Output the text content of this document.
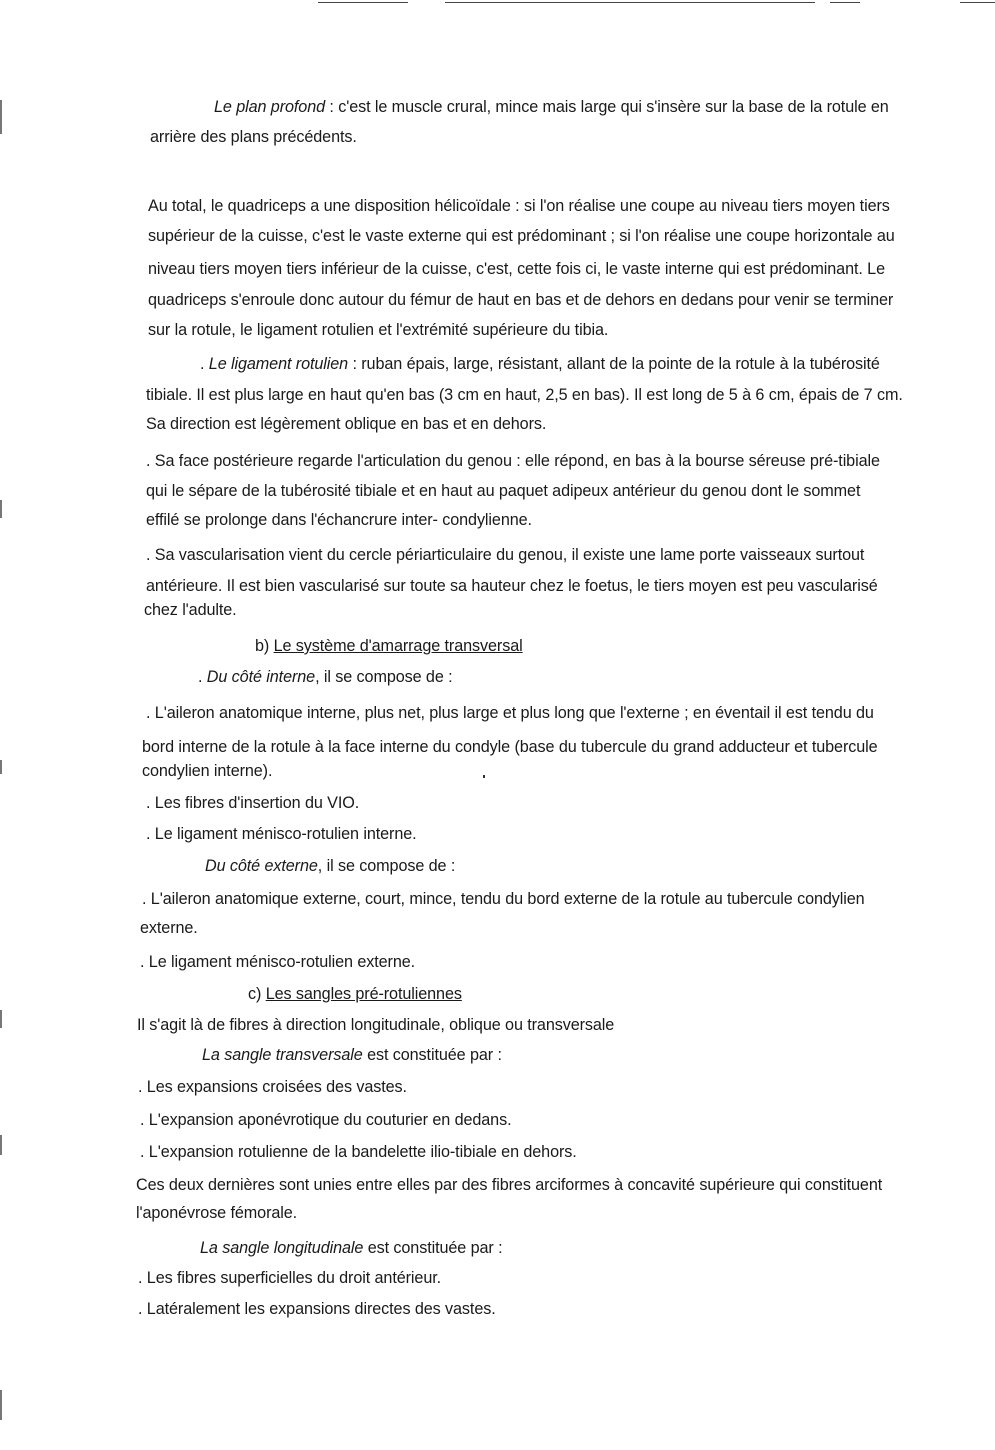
Le plan profond : c'est le muscle crural, mince mais large qui s'insère sur la base de la rotule en

arrière des plans précédents.

Au total, le quadriceps a une disposition hélicoïdale : si l'on réalise une coupe au niveau tiers moyen tiers

supérieur de la cuisse, c'est le vaste externe qui est prédominant ; si l'on réalise une coupe horizontale au

niveau tiers moyen tiers inférieur de la cuisse, c'est, cette fois ci, le vaste interne qui est prédominant. Le

quadriceps s'enroule donc autour du fémur de haut en bas et de dehors en dedans pour venir se terminer

sur la rotule, le ligament rotulien et l'extrémité supérieure du tibia.

. Le ligament rotulien : ruban épais, large, résistant, allant de la pointe de la rotule à la tubérosité

tibiale. Il est plus large en haut qu'en bas (3 cm en haut, 2,5 en bas). Il est long de 5 à 6 cm, épais de 7 cm.

Sa direction est légèrement oblique en bas et en dehors.

. Sa face postérieure regarde l'articulation du genou : elle répond, en bas à la bourse séreuse pré-tibiale

qui le sépare de la tubérosité tibiale et en haut au paquet adipeux antérieur du genou dont le sommet

effilé se prolonge dans l'échancrure inter- condylienne.

. Sa vascularisation vient du cercle périarticulaire du genou, il existe une lame porte vaisseaux surtout

antérieure. Il est bien vascularisé sur toute sa hauteur chez le foetus, le tiers moyen est peu vascularisé

chez l'adulte.

b) Le système d'amarrage transversal

. Du côté interne, il se compose de :

. L'aileron anatomique interne, plus net, plus large et plus long que l'externe ; en éventail il est tendu du

bord interne de la rotule à la face interne du condyle (base du tubercule du grand adducteur et tubercule

condylien interne).

. Les fibres d'insertion du VIO.

. Le ligament ménisco-rotulien interne.

Du côté externe, il se compose de :

. L'aileron anatomique externe, court, mince, tendu du bord externe de la rotule au tubercule condylien

externe.

. Le ligament ménisco-rotulien externe.

c) Les sangles pré-rotuliennes

Il s'agit là de fibres à direction longitudinale, oblique ou transversale

La sangle transversale est constituée par :

. Les expansions croisées des vastes.

. L'expansion aponévrotique du couturier en dedans.

. L'expansion rotulienne de la bandelette ilio-tibiale en dehors.

Ces deux dernières sont unies entre elles par des fibres arciformes à concavité supérieure qui constituent

l'aponévrose fémorale.

La sangle longitudinale est constituée par :

. Les fibres superficielles du droit antérieur.

. Latéralement les expansions directes des vastes.
